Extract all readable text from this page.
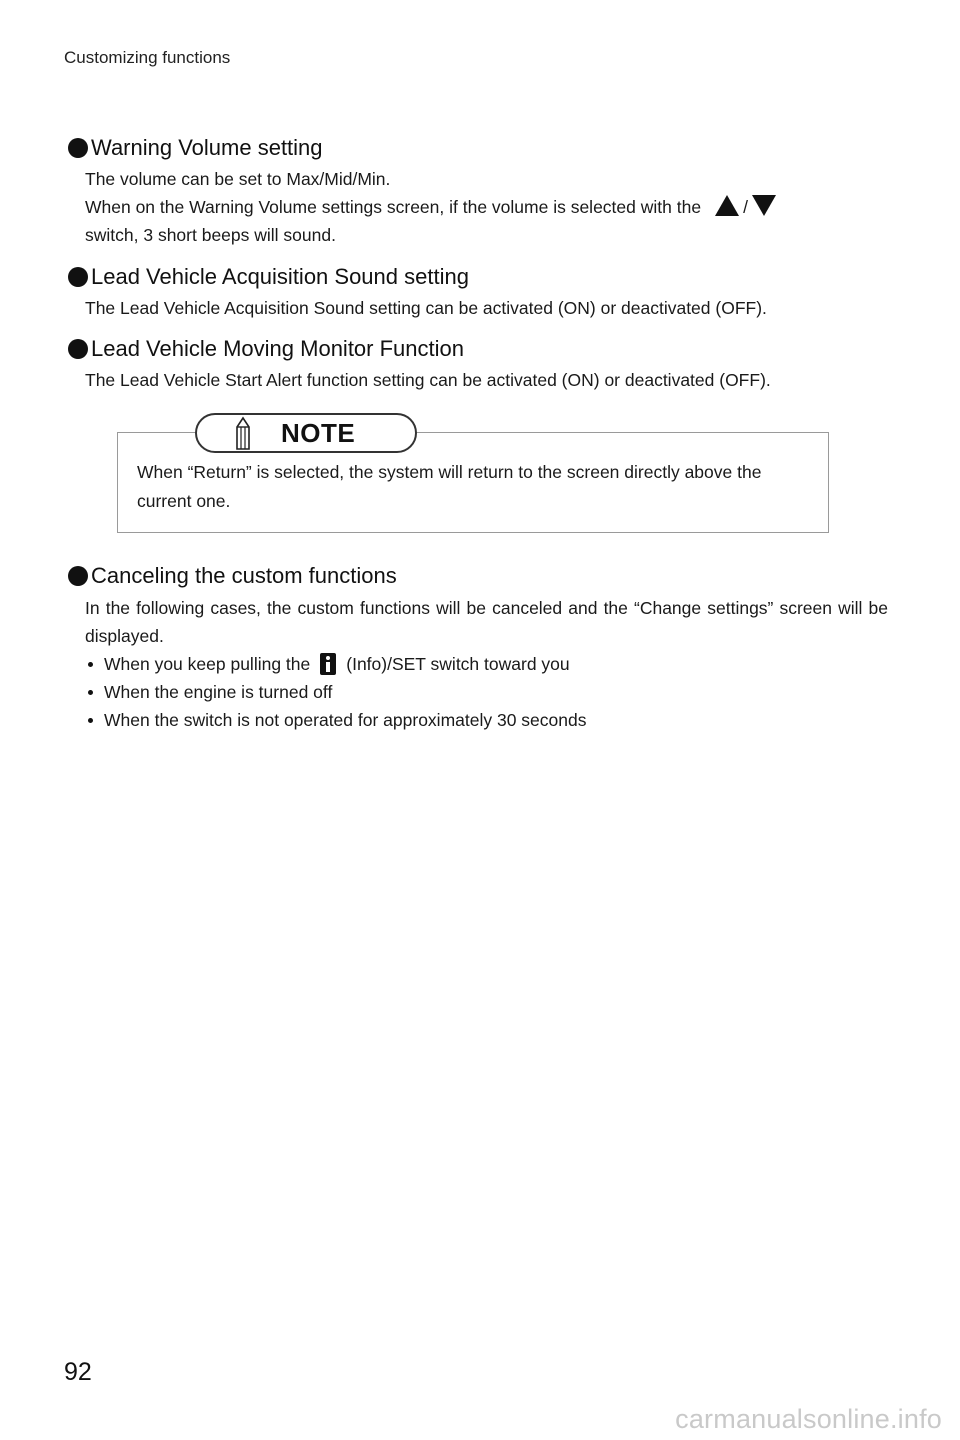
Customizing functions
Warning Volume setting

The volume can be set to Max/Mid/Min.

When on the Warning Volume settings screen, if the volume is selected with the /

switch, 3 short beeps will sound.

Lead Vehicle Acquisition Sound setting

The Lead Vehicle Acquisition Sound setting can be activated (ON) or deactivated (OFF).

Lead Vehicle Moving Monitor Function

The Lead Vehicle Start Alert function setting can be activated (ON) or deactivated (OFF).

NOTE

When “Return” is selected, the system will return to the screen directly above the current one.

Canceling the custom functions

In the following cases, the custom functions will be canceled and the “Change settings” screen will be displayed.

When you keep pulling the (Info)/SET switch toward you
When the engine is turned off
When the switch is not operated for approximately 30 seconds
92
carmanualsonline.info
